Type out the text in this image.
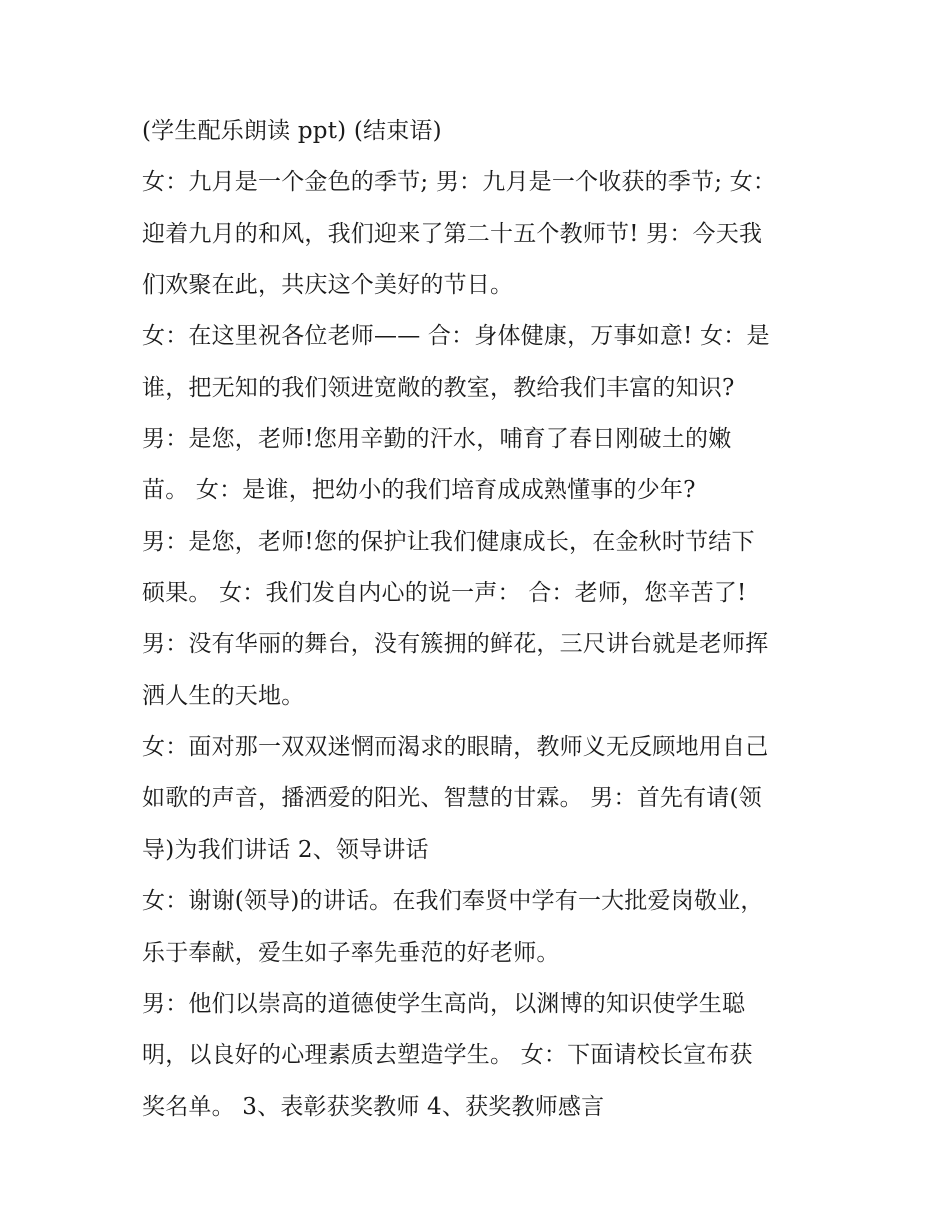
(学生配乐朗读 ppt) (结束语)
女：九月是一个金色的季节; 男：九月是一个收获的季节; 女：
迎着九月的和风，我们迎来了第二十五个教师节! 男：今天我
们欢聚在此，共庆这个美好的节日。
女：在这里祝各位老师—— 合：身体健康，万事如意! 女：是
谁，把无知的我们领进宽敞的教室，教给我们丰富的知识?
男：是您，老师!您用辛勤的汗水，哺育了春日刚破土的嫩
苗。 女：是谁，把幼小的我们培育成成熟懂事的少年?
男：是您，老师!您的保护让我们健康成长，在金秋时节结下
硕果。 女：我们发自内心的说一声： 合：老师，您辛苦了!
男：没有华丽的舞台，没有簇拥的鲜花，三尺讲台就是老师挥
洒人生的天地。
女：面对那一双双迷惘而渴求的眼睛，教师义无反顾地用自己
如歌的声音，播洒爱的阳光、智慧的甘霖。 男：首先有请(领
导)为我们讲话 2、领导讲话
女：谢谢(领导)的讲话。在我们奉贤中学有一大批爱岗敬业，
乐于奉献，爱生如子率先垂范的好老师。
男：他们以崇高的道德使学生高尚，以渊博的知识使学生聪
明，以良好的心理素质去塑造学生。 女：下面请校长宣布获
奖名单。 3、表彰获奖教师 4、获奖教师感言
